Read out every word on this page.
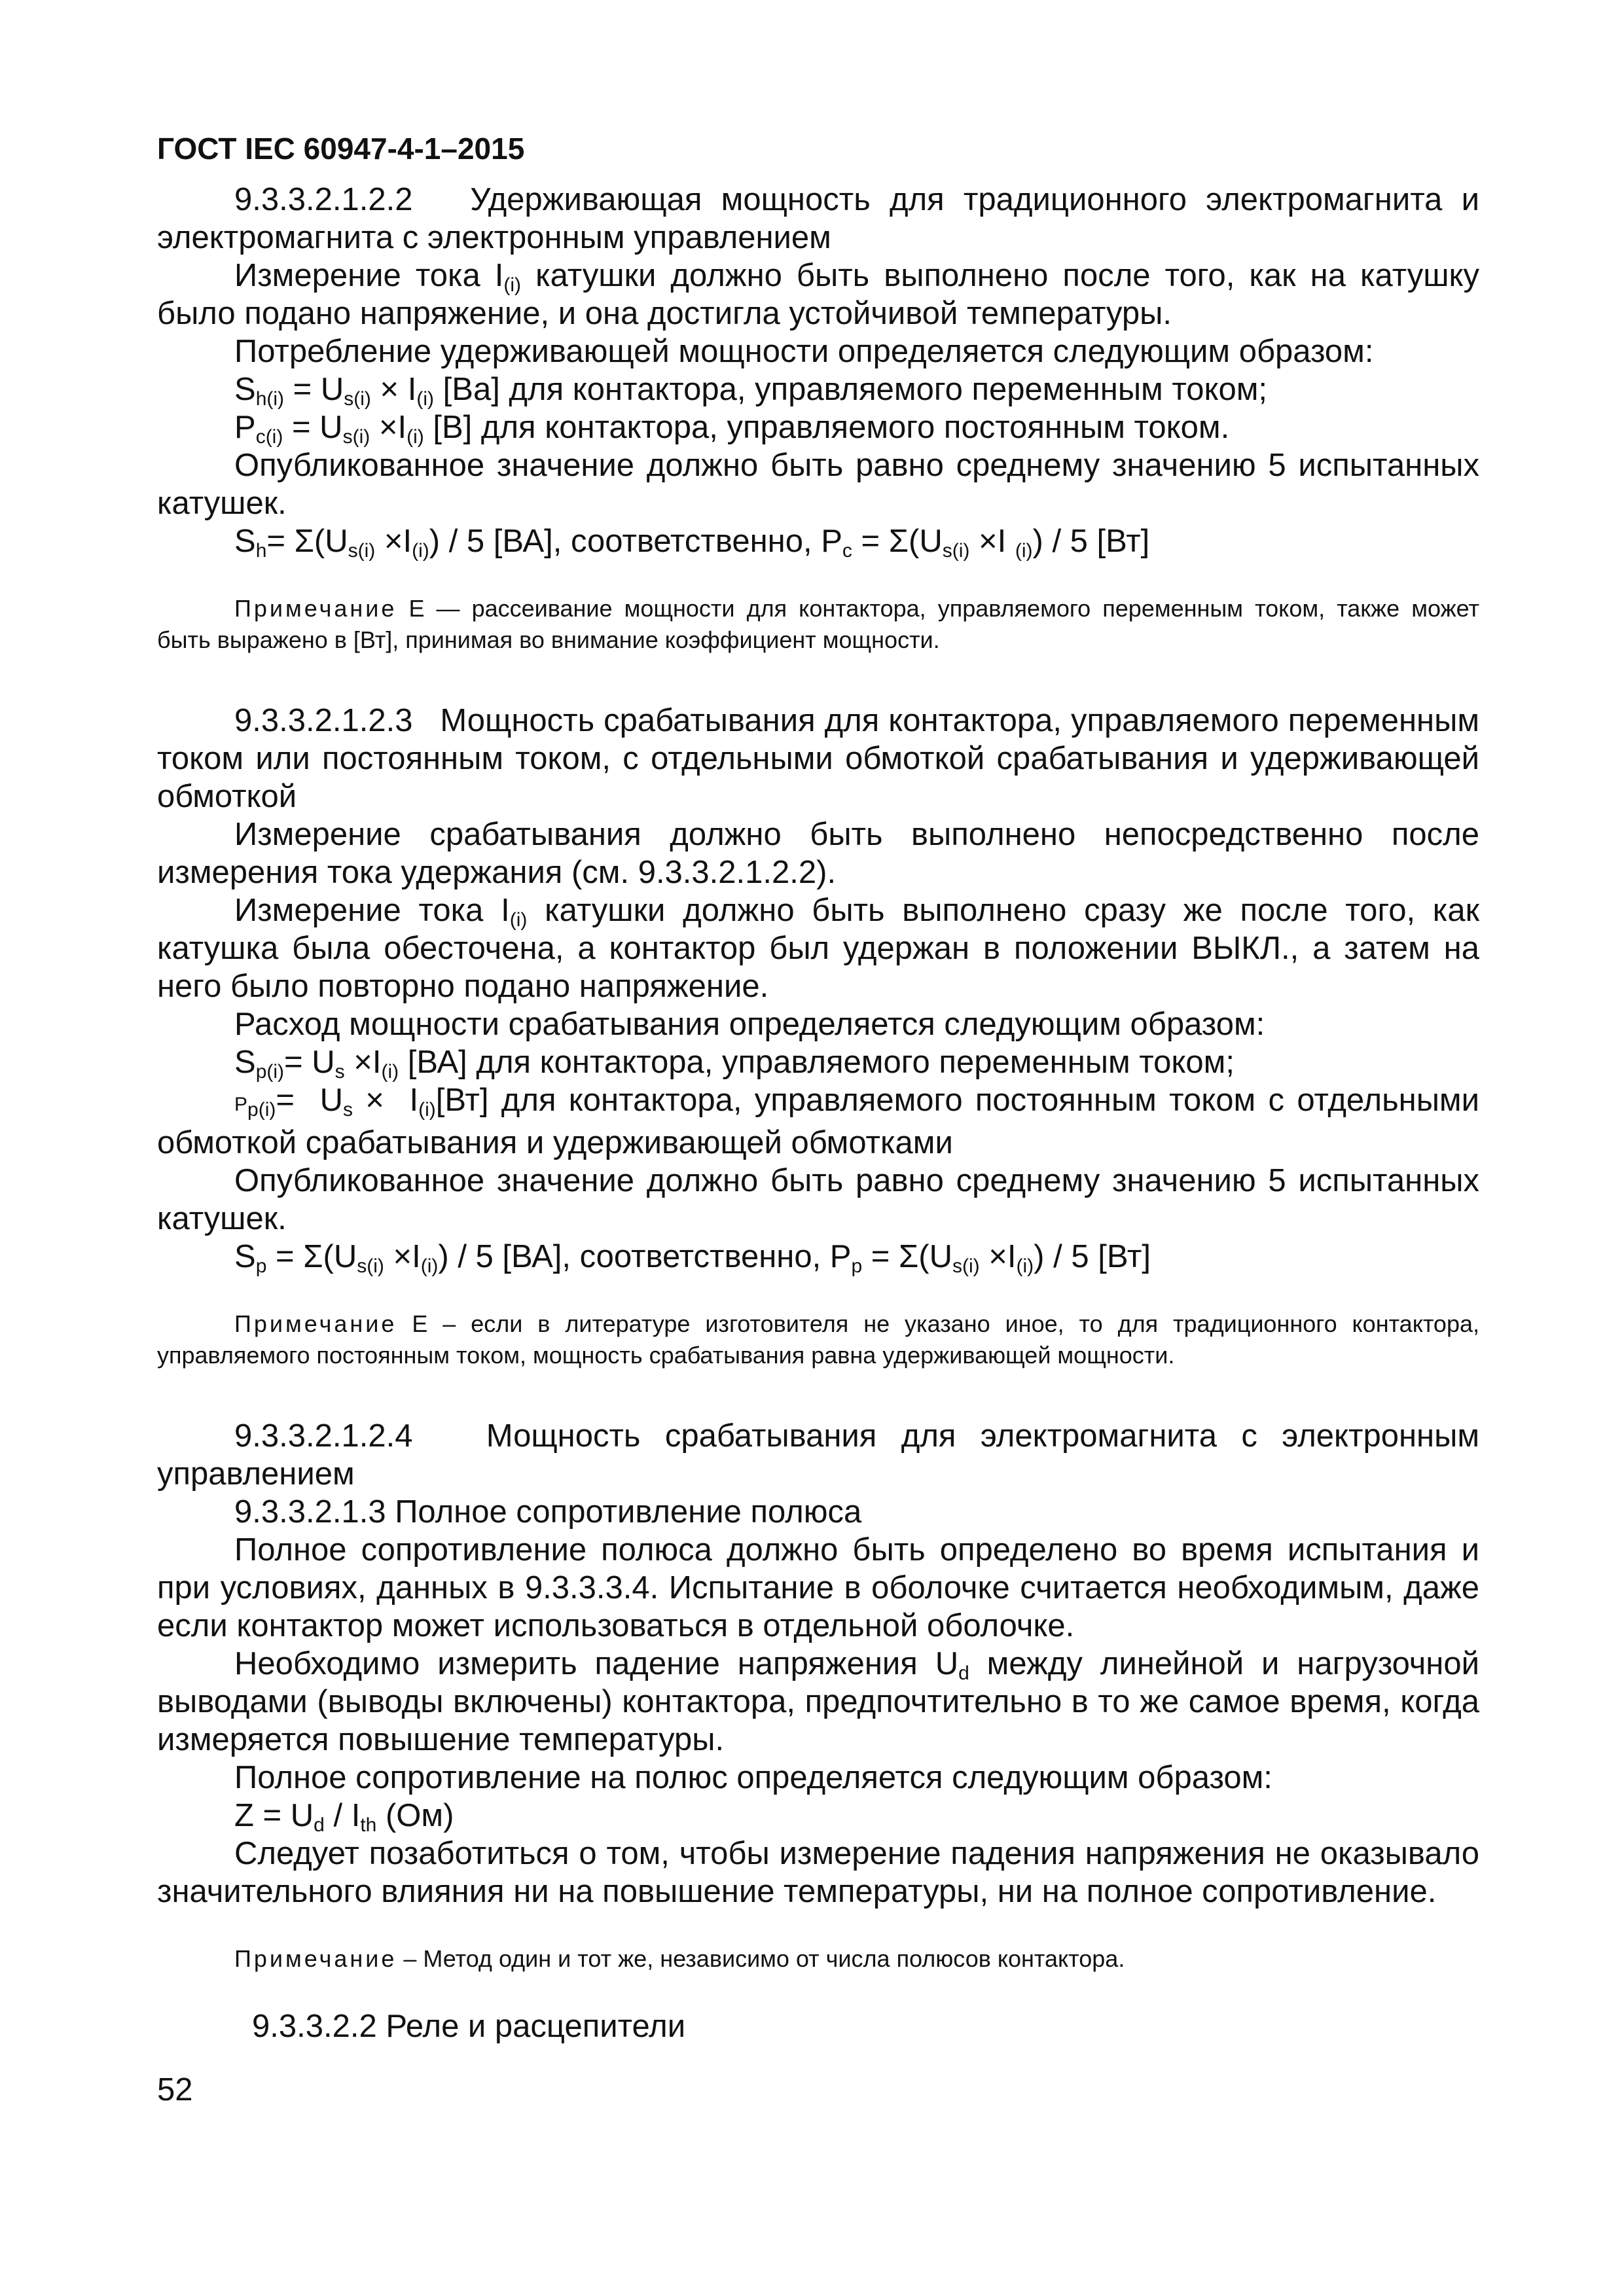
ГОСТ IEC 60947-4-1–2015

9.3.3.2.1.2.2 Удерживающая мощность для традиционного электромагнита и электромагнита с электронным управлением

Измерение тока $I_{(i)}$ катушки должно быть выполнено после того, как на катушку было подано напряжение, и она достигла устойчивой температуры.

Потребление удерживающей мощности определяется следующим образом:

$S_{h(i)} = U_{s(i)} \times I_{(i)}$ [Ва] для контактора, управляемого переменным током;

$P_{c(i)} = U_{s(i)} \times I_{(i)}$ [В] для контактора, управляемого постоянным током.

Опубликованное значение должно быть равно среднему значению 5 испытанных катушек.

$S_h= \Sigma(U_{s(i)} \times I_{(i)}) / 5$ [ВА], соответственно, $P_c = \Sigma(U_{s(i)} \times I$ $_{(i)}$) / 5 [Вт]

Примечание Е — рассеивание мощности для контактора, управляемого переменным током, также может быть выражено в [Вт], принимая во внимание коэффициент мощности.

9.3.3.2.1.2.3 Мощность срабатывания для контактора, управляемого переменным током или постоянным током, с отдельными обмоткой срабатывания и удерживающей обмоткой

Измерение срабатывания должно быть выполнено непосредственно после измерения тока удержания (см. 9.3.3.2.1.2.2).

Измерение тока $I_{(i)}$ катушки должно быть выполнено сразу же после того, как катушка была обесточена, а контактор был удержан в положении ВЫКЛ., а затем на него было повторно подано напряжение.

Расход мощности срабатывания определяется следующим образом:

$S_{p(i)}= U_s \times I_{(i)}$ [ВА] для контактора, управляемого переменным током;

$P_{p(i)}= U_s \times I_{(i)}[Вт]$ для контактора, управляемого постоянным током с отдельными обмоткой срабатывания и удерживающей обмотками

Опубликованное значение должно быть равно среднему значению 5 испытанных катушек.

$S_p = \Sigma(U_{s(i)} \times I_{(i)}) / 5$ [ВА], соответственно, $P_p = \Sigma(U_{s(i)} \times I_{(i)}) / 5$ [Вт]

Примечание Е – если в литературе изготовителя не указано иное, то для традиционного контактора, управляемого постоянным током, мощность срабатывания равна удерживающей мощности.

9.3.3.2.1.2.4 Мощность срабатывания для электромагнита с электронным управлением

9.3.3.2.1.3 Полное сопротивление полюса

Полное сопротивление полюса должно быть определено во время испытания и при условиях, данных в 9.3.3.3.4. Испытание в оболочке считается необходимым, даже если контактор может использоваться в отдельной оболочке.

Необходимо измерить падение напряжения $U_d$ между линейной и нагрузочной выводами (выводы включены) контактора, предпочтительно в то же самое время, когда измеряется повышение температуры.

Полное сопротивление на полюс определяется следующим образом:

$Z = U_d / I_{th}$ (Ом)

Следует позаботиться о том, чтобы измерение падения напряжения не оказывало значительного влияния ни на повышение температуры, ни на полное сопротивление.

Примечание – Метод один и тот же, независимо от числа полюсов контактора.

9.3.3.2.2 Реле и расцепители
52
